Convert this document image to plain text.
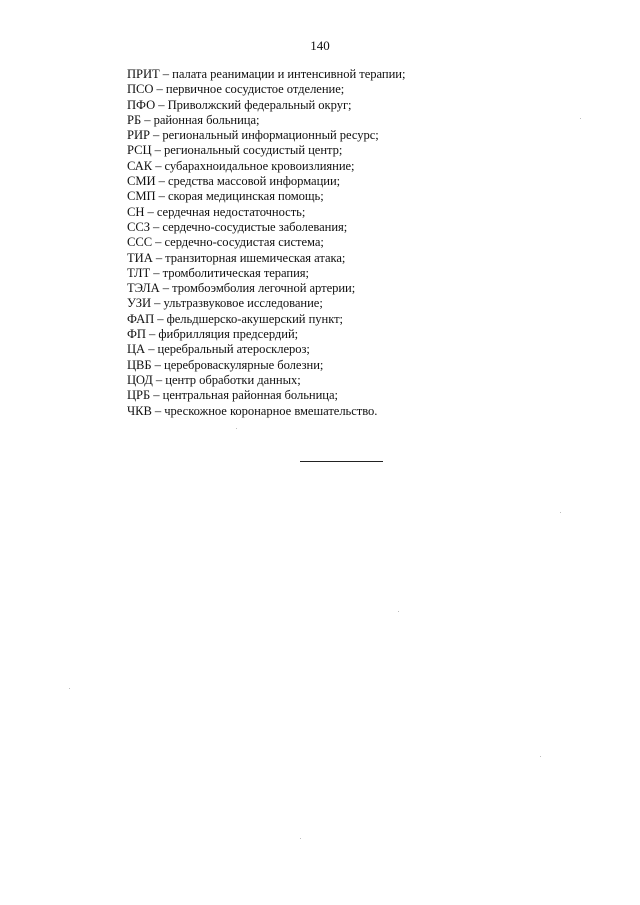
140
ПРИТ – палата реанимации и интенсивной терапии;
ПСО – первичное сосудистое отделение;
ПФО – Приволжский федеральный округ;
РБ – районная больница;
РИР – региональный информационный ресурс;
РСЦ – региональный сосудистый центр;
САК – субарахноидальное кровоизлияние;
СМИ – средства массовой информации;
СМП – скорая медицинская помощь;
СН – сердечная недостаточность;
ССЗ – сердечно-сосудистые заболевания;
ССС – сердечно-сосудистая система;
ТИА – транзиторная ишемическая атака;
ТЛТ – тромболитическая терапия;
ТЭЛА – тромбоэмболия легочной артерии;
УЗИ – ультразвуковое исследование;
ФАП – фельдшерско-акушерский пункт;
ФП – фибрилляция предсердий;
ЦА – церебральный атеросклероз;
ЦВБ – цереброваскулярные болезни;
ЦОД – центр обработки данных;
ЦРБ – центральная районная больница;
ЧКВ – чрескожное коронарное вмешательство.
